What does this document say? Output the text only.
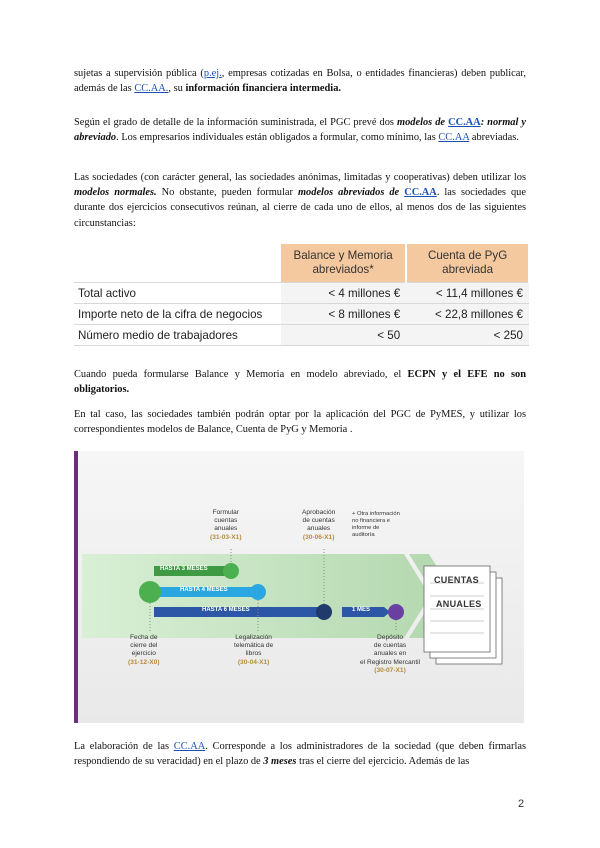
sujetas a supervisión pública (p.ej., empresas cotizadas en Bolsa, o entidades financieras) deben publicar, además de las CC.AA., su información financiera intermedia.

Según el grado de detalle de la información suministrada, el PGC prevé dos modelos de CC.AA: normal y abreviado. Los empresarios individuales están obligados a formular, como mínimo, las CC.AA abreviadas.

Las sociedades (con carácter general, las sociedades anónimas, limitadas y cooperativas) deben utilizar los modelos normales. No obstante, pueden formular modelos abreviados de CC.AA. las sociedades que durante dos ejercicios consecutivos reúnan, al cierre de cada uno de ellos, al menos dos de las siguientes circunstancias:

Cuando pueda formularse Balance y Memoria en modelo abreviado, el ECPN y el EFE no son obligatorios.

En tal caso, las sociedades también podrán optar por la aplicación del PGC de PyMES, y utilizar los correspondientes modelos de Balance, Cuenta de PyG y Memoria .

La elaboración de las CC.AA. Corresponde a los administradores de la sociedad (que deben firmarlas respondiendo de su veracidad) en el plazo de 3 meses tras el cierre del ejercicio. Además de las

	Balance y Memoria abreviados*	Cuenta de PyG abreviada
Total activo	< 4 millones €	< 11,4 millones €
Importe neto de la cifra de negocios	< 8 millones €	< 22,8 millones €
Número medio de trabajadores	< 50	< 250
HASTA 3 MESES
HASTA 4 MESES
HASTA 6 MESES	1 MES
CUENTAS
ANUALES
Formular
cuentas
anuales
(31-03-X1)
Aprobación
de cuentas
anuales
(30-06-X1)
+ Otra información
no financiera e
informe de
auditoría
Fecha de
cierre del
ejercicio
(31-12-X0)
Legalización
telemática de
libros
(30-04-X1)
Depósito
de cuentas
anuales en
el Registro Mercantil
(30-07-X1)
2
